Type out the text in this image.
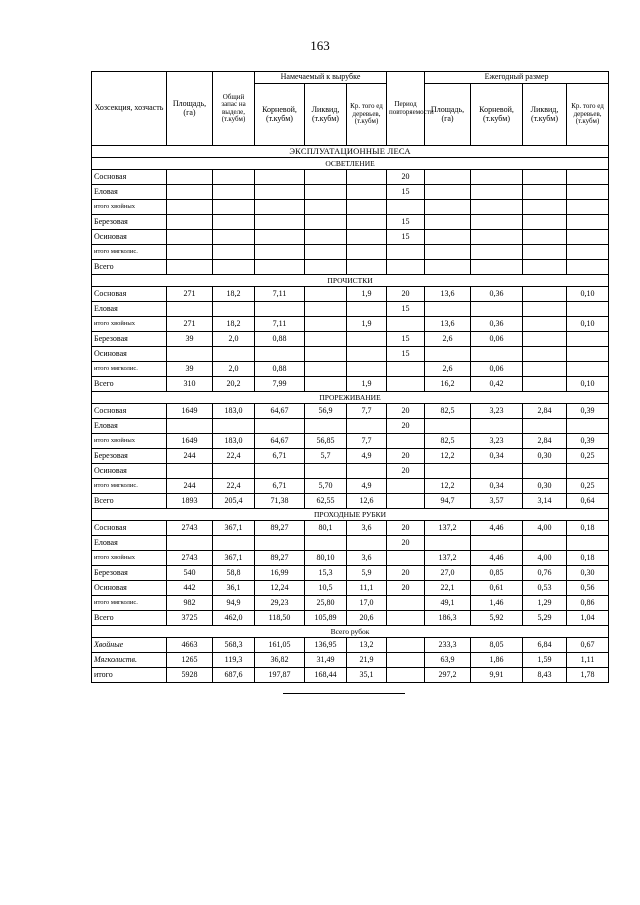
163
Хозсекция, хозчасть	Площадь, (га)	Общий запас на выделе, (т.кубм)	Намечаемый к вырубке			Период повторяемости	Ежегодный размер			
			Корневой, (т.кубм)	Ликвид, (т.кубм)	Кр. того ед деревьев, (т.кубм)		Площадь, (га)	Корневой, (т.кубм)	Ликвид, (т.кубм)	Кр. того ед деревьев, (т.кубм)
ЭКСПЛУАТАЦИОННЫЕ ЛЕСА										
ОСВЕТЛЕНИЕ										
Сосновая						20				
Еловая						15				
итого хвойных										
Березовая						15				
Осиновая						15				
итого мягколис.										
Всего										
ПРОЧИСТКИ										
Сосновая	271	18,2	7,11		1,9	20	13,6	0,36		0,10
Еловая						15				
итого хвойных	271	18,2	7,11		1,9		13,6	0,36		0,10
Березовая	39	2,0	0,88			15	2,6	0,06		
Осиновая						15				
итого мягколис.	39	2,0	0,88				2,6	0,06		
Всего	310	20,2	7,99		1,9		16,2	0,42		0,10
ПРОРЕЖИВАНИЕ										
Сосновая	1649	183,0	64,67	56,9	7,7	20	82,5	3,23	2,84	0,39
Еловая						20				
итого хвойных	1649	183,0	64,67	56,85	7,7		82,5	3,23	2,84	0,39
Березовая	244	22,4	6,71	5,7	4,9	20	12,2	0,34	0,30	0,25
Осиновая						20				
итого мягколис.	244	22,4	6,71	5,70	4,9		12,2	0,34	0,30	0,25
Всего	1893	205,4	71,38	62,55	12,6		94,7	3,57	3,14	0,64
ПРОХОДНЫЕ РУБКИ										
Сосновая	2743	367,1	89,27	80,1	3,6	20	137,2	4,46	4,00	0,18
Еловая						20				
итого хвойных	2743	367,1	89,27	80,10	3,6		137,2	4,46	4,00	0,18
Березовая	540	58,8	16,99	15,3	5,9	20	27,0	0,85	0,76	0,30
Осиновая	442	36,1	12,24	10,5	11,1	20	22,1	0,61	0,53	0,56
итого мягколис.	982	94,9	29,23	25,80	17,0		49,1	1,46	1,29	0,86
Всего	3725	462,0	118,50	105,89	20,6		186,3	5,92	5,29	1,04
Всего рубок										
Хвойные	4663	568,3	161,05	136,95	13,2		233,3	8,05	6,84	0,67
Мягколиств.	1265	119,3	36,82	31,49	21,9		63,9	1,86	1,59	1,11
итого	5928	687,6	197,87	168,44	35,1		297,2	9,91	8,43	1,78
